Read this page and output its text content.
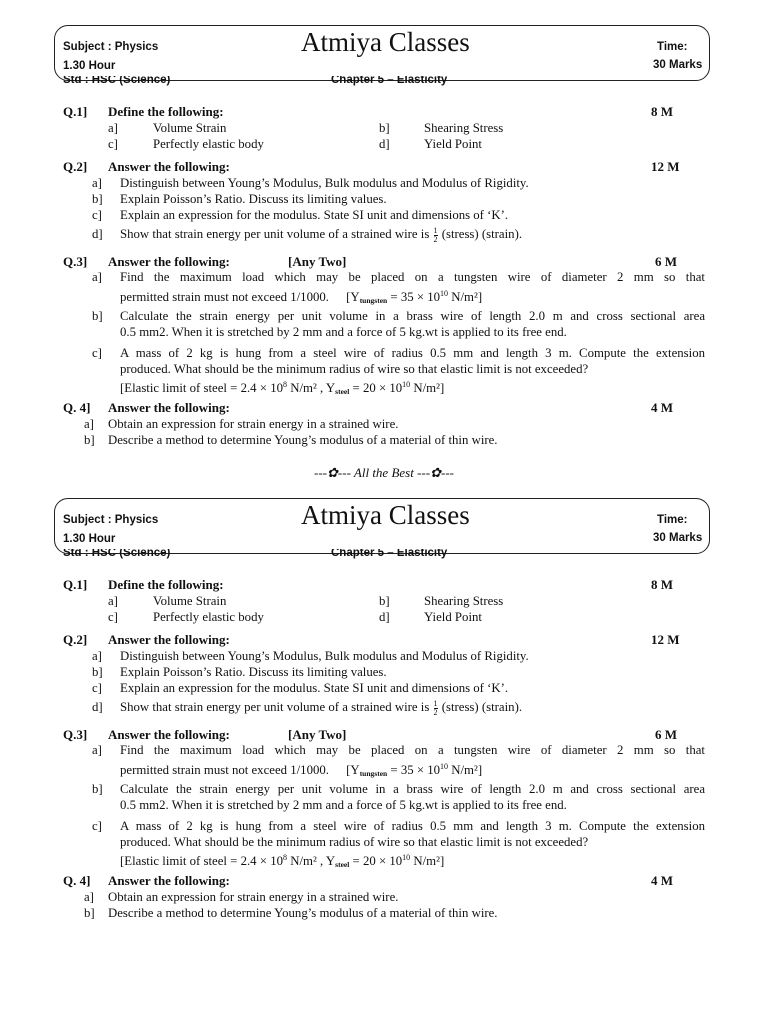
Subject : Physics
1.30 Hour
Atmiya Classes	Time:
30 Marks
Std : HSC (Science)	Chapter 5 – Elasticity
Q.1] Define the following:	8 M
a]	Volume Strain	b]	Shearing Stress
c]	Perfectly elastic body	d]	Yield Point
Q.2] Answer the following:	12 M
a] Distinguish between Young’s Modulus, Bulk modulus and Modulus of Rigidity.
b] Explain Poisson’s Ratio. Discuss its limiting values.
c] Explain an expression for the modulus. State SI unit and dimensions of ‘K’.
d] Show that strain energy per unit volume of a strained wire is $\frac{1}{2}$ (stress) (strain).
Q.3] Answer the following:	[Any Two]	6 M
a] Find the maximum load which may be placed on a tungsten wire of diameter 2 mm so that
permitted strain must not exceed 1/1000. [$Y_{tungsten} = 35 \times 10^{10}$ N/m²]
b] Calculate the strain energy per unit volume in a brass wire of length 2.0 m and cross sectional area
0.5 mm2. When it is stretched by 2 mm and a force of 5 kg.wt is applied to its free end.
c] A mass of 2 kg is hung from a steel wire of radius 0.5 mm and length 3 m. Compute the extension
produced. What should be the minimum radius of wire so that elastic limit is not exceeded?
[Elastic limit of steel = $2.4 \times 10^8$ N/m² , $Y_{steel} = 20 \times 10^{10}$ N/m²]
Q. 4] Answer the following:	4 M
a] Obtain an expression for strain energy in a strained wire.
b] Describe a method to determine Young’s modulus of a material of thin wire.
---✿--- All the Best ---✿---
Subject : Physics
1.30 Hour
Atmiya Classes	Time:
30 Marks
Std : HSC (Science)	Chapter 5 – Elasticity
Q.1] Define the following:	8 M
a]	Volume Strain	b]	Shearing Stress
c]	Perfectly elastic body	d]	Yield Point
Q.2] Answer the following:	12 M
a] Distinguish between Young’s Modulus, Bulk modulus and Modulus of Rigidity.
b] Explain Poisson’s Ratio. Discuss its limiting values.
c] Explain an expression for the modulus. State SI unit and dimensions of ‘K’.
d] Show that strain energy per unit volume of a strained wire is $\frac{1}{2}$ (stress) (strain).
Q.3] Answer the following:	[Any Two]	6 M
a] Find the maximum load which may be placed on a tungsten wire of diameter 2 mm so that
permitted strain must not exceed 1/1000. [$Y_{tungsten} = 35 \times 10^{10}$ N/m²]
b] Calculate the strain energy per unit volume in a brass wire of length 2.0 m and cross sectional area
0.5 mm2. When it is stretched by 2 mm and a force of 5 kg.wt is applied to its free end.
c] A mass of 2 kg is hung from a steel wire of radius 0.5 mm and length 3 m. Compute the extension
produced. What should be the minimum radius of wire so that elastic limit is not exceeded?
[Elastic limit of steel = $2.4 \times 10^8$ N/m² , $Y_{steel} = 20 \times 10^{10}$ N/m²]
Q. 4] Answer the following:	4 M
a] Obtain an expression for strain energy in a strained wire.
b] Describe a method to determine Young’s modulus of a material of thin wire.
